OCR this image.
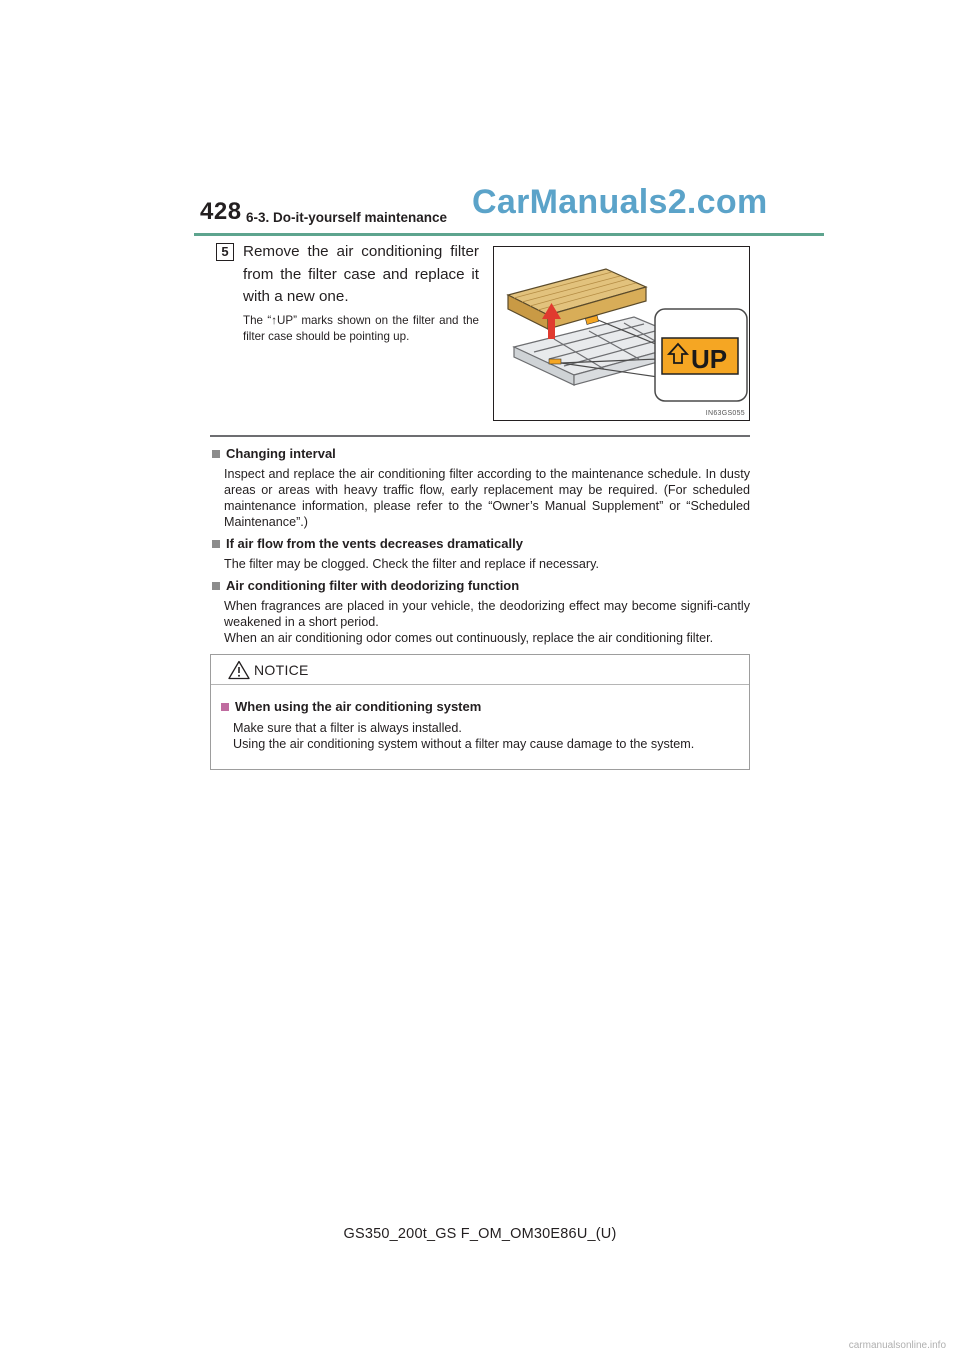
428 6-3. Do-it-yourself maintenance CarManuals2.com
5 Remove the air conditioning filter from the filter case and replace it with a new one.
The “↑UP” marks shown on the filter and the filter case should be pointing up.
UP
IN63GS055
Changing interval
Inspect and replace the air conditioning filter according to the maintenance schedule. In dusty areas or areas with heavy traffic flow, early replacement may be required. (For scheduled maintenance information, please refer to the “Owner’s Manual Supplement” or “Scheduled Maintenance”.)
If air flow from the vents decreases dramatically
The filter may be clogged. Check the filter and replace if necessary.
Air conditioning filter with deodorizing function
When fragrances are placed in your vehicle, the deodorizing effect may become signifi-cantly weakened in a short period.
When an air conditioning odor comes out continuously, replace the air conditioning filter.
NOTICE
When using the air conditioning system
Make sure that a filter is always installed.
Using the air conditioning system without a filter may cause damage to the system.
GS350_200t_GS F_OM_OM30E86U_(U)
carmanualsonline.info
